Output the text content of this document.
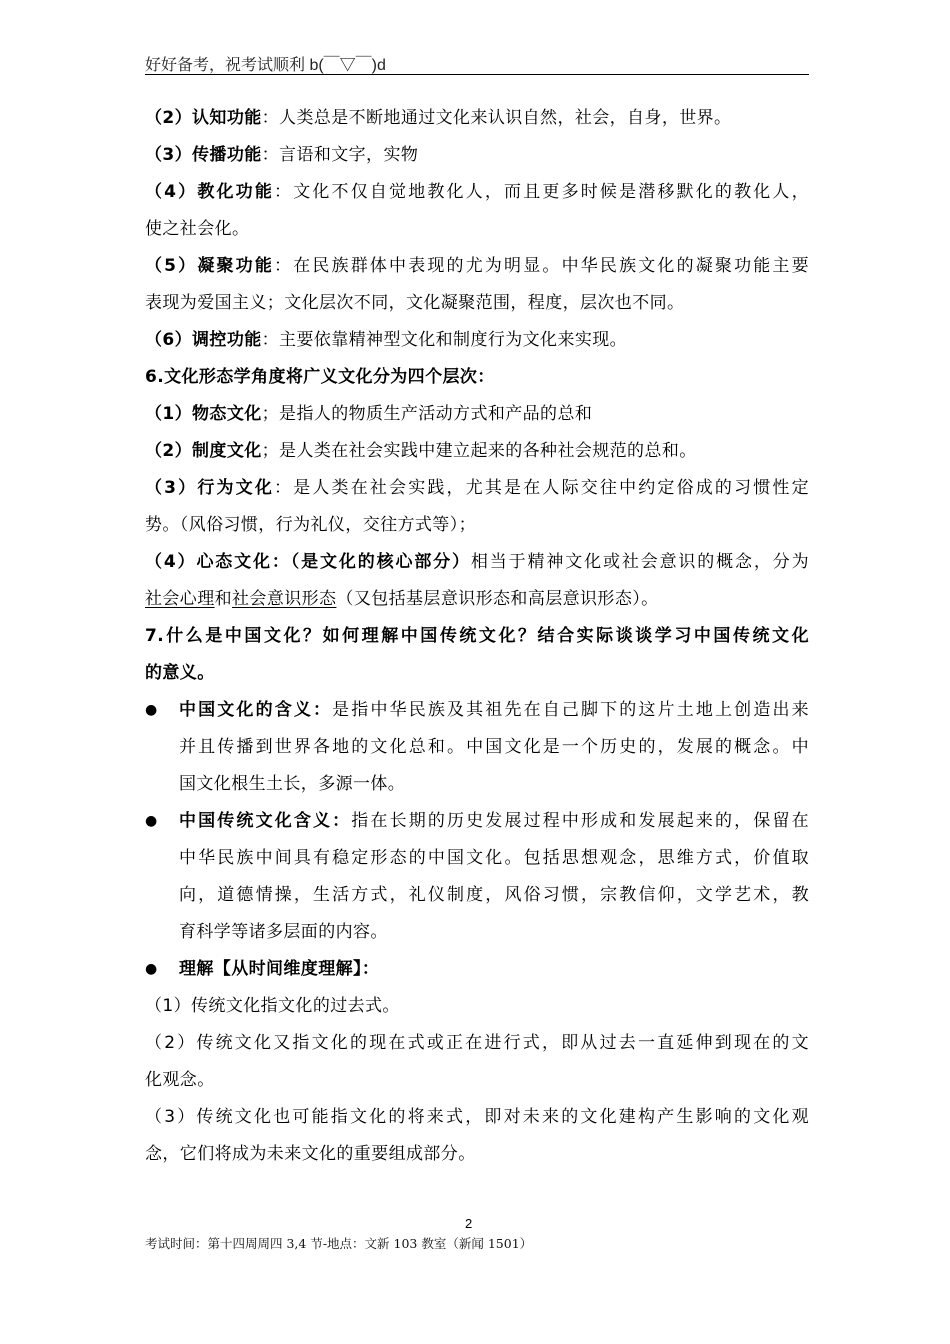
好好备考，祝考试顺利 b(￣▽￣)d
（2）认知功能：人类总是不断地通过文化来认识自然，社会，自身，世界。
（3）传播功能：言语和文字，实物
（4）教化功能：文化不仅自觉地教化人，而且更多时候是潜移默化的教化人，
使之社会化。
（5）凝聚功能：在民族群体中表现的尤为明显。中华民族文化的凝聚功能主要
表现为爱国主义；文化层次不同，文化凝聚范围，程度，层次也不同。
（6）调控功能：主要依靠精神型文化和制度行为文化来实现。
6.文化形态学角度将广义文化分为四个层次：
（1）物态文化；是指人的物质生产活动方式和产品的总和
（2）制度文化；是人类在社会实践中建立起来的各种社会规范的总和。
（3）行为文化：是人类在社会实践，尤其是在人际交往中约定俗成的习惯性定
势。（风俗习惯，行为礼仪，交往方式等）；
（4）心态文化：（是文化的核心部分）相当于精神文化或社会意识的概念，分为
社会心理和社会意识形态（又包括基层意识形态和高层意识形态）。
7.什么是中国文化？如何理解中国传统文化？结合实际谈谈学习中国传统文化
的意义。
● 中国文化的含义：是指中华民族及其祖先在自己脚下的这片土地上创造出来
并且传播到世界各地的文化总和。中国文化是一个历史的，发展的概念。中
国文化根生土长，多源一体。
● 中国传统文化含义：指在长期的历史发展过程中形成和发展起来的，保留在
中华民族中间具有稳定形态的中国文化。包括思想观念，思维方式，价值取
向，道德情操，生活方式，礼仪制度，风俗习惯，宗教信仰，文学艺术，教
育科学等诸多层面的内容。
● 理解【从时间维度理解】：
（1）传统文化指文化的过去式。
（2）传统文化又指文化的现在式或正在进行式，即从过去一直延伸到现在的文
化观念。
（3）传统文化也可能指文化的将来式，即对未来的文化建构产生影响的文化观
念，它们将成为未来文化的重要组成部分。
2
考试时间：第十四周周四 3,4 节-地点：文新 103 教室（新闻 1501）
